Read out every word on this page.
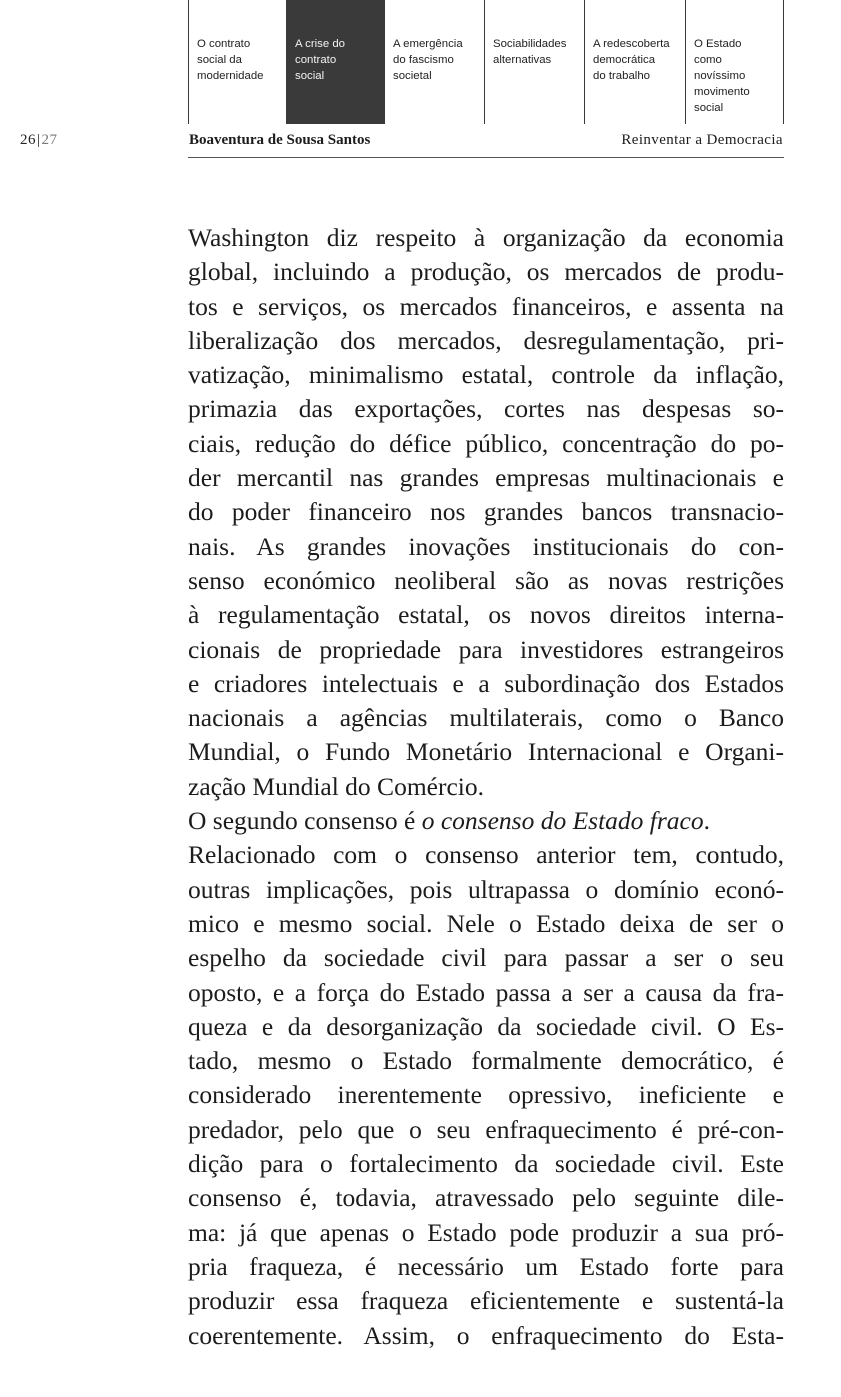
O contrato
social da
modernidade
A crise do
contrato
social
A emergência
do fascismo
societal
Sociabilidades
alternativas
A redescoberta
democrática
do trabalho
O Estado
como
novíssimo
movimento
social
26|27	Boaventura de Sousa Santos	Reinventar a Democracia

Washington diz respeito à organização da economia
global, incluindo a produção, os mercados de produ-
tos e serviços, os mercados financeiros, e assenta na
liberalização dos mercados, desregulamentação, pri-
vatização, minimalismo estatal, controle da inflação,
primazia das exportações, cortes nas despesas so-
ciais, redução do défice público, concentração do po-
der mercantil nas grandes empresas multinacionais e
do poder financeiro nos grandes bancos transnacio-
nais. As grandes inovações institucionais do con-
senso económico neoliberal são as novas restrições
à regulamentação estatal, os novos direitos interna-
cionais de propriedade para investidores estrangeiros
e criadores intelectuais e a subordinação dos Estados
nacionais a agências multilaterais, como o Banco
Mundial, o Fundo Monetário Internacional e Organi-
zação Mundial do Comércio.

O segundo consenso é o consenso do Estado fraco.
Relacionado com o consenso anterior tem, contudo,
outras implicações, pois ultrapassa o domínio econó-
mico e mesmo social. Nele o Estado deixa de ser o
espelho da sociedade civil para passar a ser o seu
oposto, e a força do Estado passa a ser a causa da fra-
queza e da desorganização da sociedade civil. O Es-
tado, mesmo o Estado formalmente democrático, é
considerado inerentemente opressivo, ineficiente e
predador, pelo que o seu enfraquecimento é pré-con-
dição para o fortalecimento da sociedade civil. Este
consenso é, todavia, atravessado pelo seguinte dile-
ma: já que apenas o Estado pode produzir a sua pró-
pria fraqueza, é necessário um Estado forte para
produzir essa fraqueza eficientemente e sustentá-la
coerentemente. Assim, o enfraquecimento do Esta-
